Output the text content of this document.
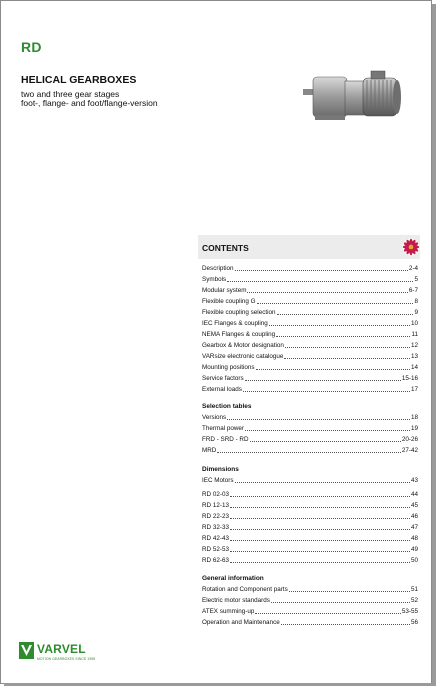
RD
HELICAL GEARBOXES
two and three gear stages
foot-, flange- and foot/flange-version
CONTENTS
Description	2-4
Symbols	5
Modular system	6-7
Flexible coupling G	8
Flexible coupling selection	9
IEC Flanges & coupling	10
NEMA Flanges & coupling	11
Gearbox & Motor designation	12
VARsize electronic catalogue	13
Mounting positions	14
Service factors	15-16
External loads	17
Selection tables
Versions	18
Thermal power	19
FRD - SRD - RD	20-26
MRD	27-42
Dimensions
IEC Motors	43
RD 02-03	44
RD 12-13	45
RD 22-23	46
RD 32-33	47
RD 42-43	48
RD 52-53	49
RD 62-63	50
General information
Rotation and Component parts	51
Electric motor standards	52
ATEX summing-up	53-55
Operation and Maintenance	56
VARVEL
MOTION GEARBOXES SINCE 1955
